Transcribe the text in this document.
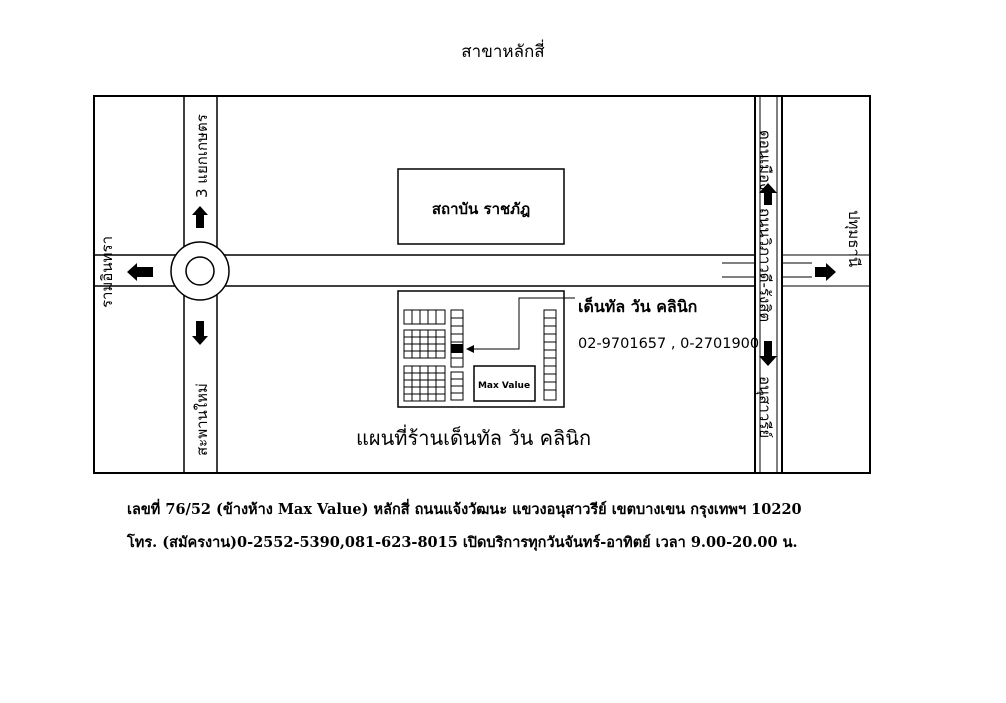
สาขาหลักสี่
สถาบัน ราชภัฎ
Max Value
เด็นทัล วัน คลินิก
02-9701657 , 0-2701900
แผนที่ร้านเด็นทัล วัน คลินิก
3 แยกเกษตร
สะพานใหม่
รามอินทรา
ดอนเมือง
ถนนวิภาวดี-รังสิต
อนุสาวรีย์
ปทุมธานี
เลขที่ 76/52 (ข้างห้าง Max Value) หลักสี่ ถนนแจ้งวัฒนะ แขวงอนุสาวรีย์ เขตบางเขน กรุงเทพฯ 10220
โทร. (สมัครงาน)0-2552-5390,081-623-8015 เปิดบริการทุกวันจันทร์-อาทิตย์ เวลา 9.00-20.00 น.
